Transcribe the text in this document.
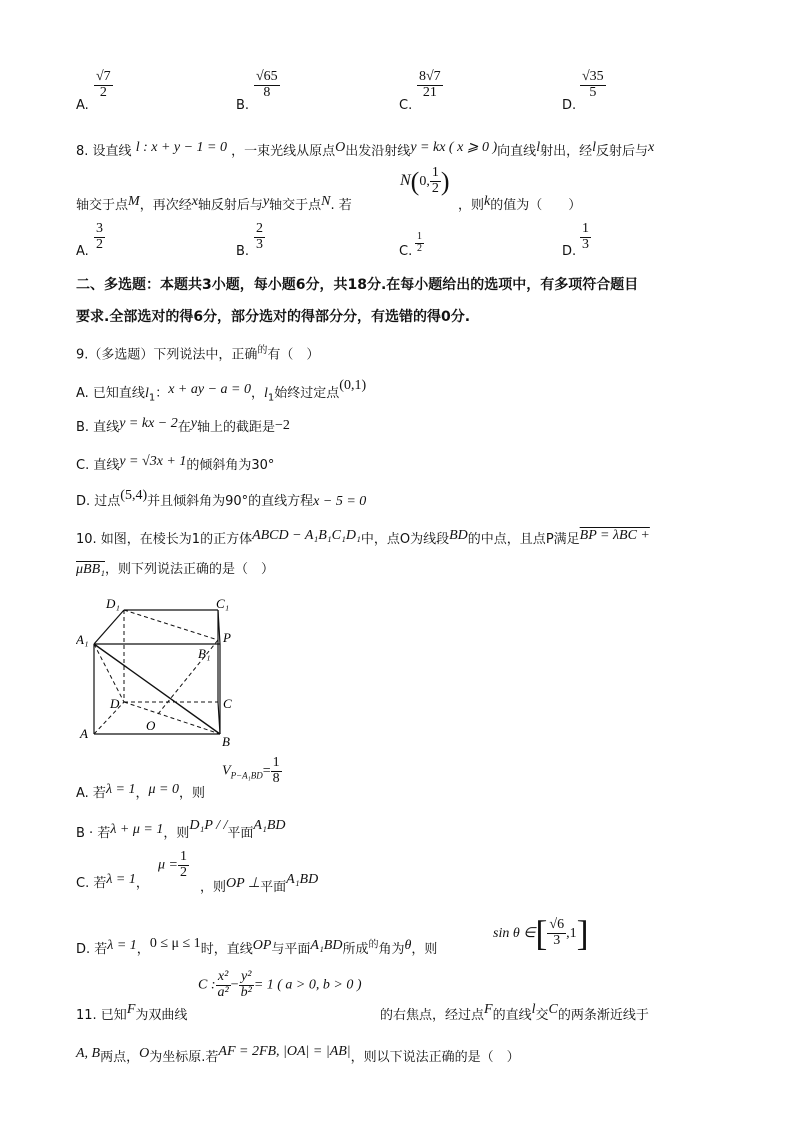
A.
$\frac{√7}{2}$
B.
$\frac{√65}{8}$
C.
$\frac{8√7}{21}$
D.
$\frac{√35}{5}$
8. 设直线 l : x + y − 1 = 0 ，一束光线从原点O出发沿射线y = kx ( x ⩾ 0 )向直线l射出，经l反射后与x
轴交于点M，再次经x轴反射后与y轴交于点N. 若
N(0, $\frac{1}{2}$ )
，则k的值为（　　）
A. $\frac{3}{2}$	B. $\frac{2}{3}$	C. $\frac{1}{2}$	D. $\frac{1}{3}$
二、多选题：本题共3小题，每小题6分，共18分.在每小题给出的选项中，有多项符合题目
要求.全部选对的得6分，部分选对的得部分分，有选错的得0分.
9.（多选题）下列说法中，正确$^的$有（　）
A. 已知直线$l_1$：x + ay − a = 0，$l_1$始终过定点(0,1)
B. 直线y = kx − 2在y轴上的截距是−2
C. 直线y = √3x + 1的倾斜角为30°
D. 过点(5,4)并且倾斜角为90°的直线方程x − 5 = 0
10. 如图，在棱长为1的正方体ABCD − A₁B₁C₁D₁中，点O为线段BD的中点，且点P满足BP = λBC +
μBB₁，则下列说法正确的是（　）
D₁	C₁
A₁
B₁
P
D	C
A
O
B
A. 若λ = 1，μ = 0，则
$V_{P-A_1BD}= \frac{1}{8}$
B · 若λ + μ = 1，则D₁P / /平面A₁BD
C. 若λ = 1，
$\mu = \frac{1}{2}$
，则OP ⊥平面A₁BD
D. 若λ = 1，0 ≤ μ ≤ 1时，直线OP与平面A₁BD所成$^的$角为θ，则
sin θ ∈[ $\frac{√6}{3} ,1$]
11. 已知F为双曲线
C : $\frac{\text{x²}}{\text{a²}} - \frac{\text{y²}}{\text{b²}} = 1$ ( a > 0, b > 0 )
的右焦点，经过点F的直线l交C的两条渐近线于
A, B两点，O为坐标原.若AF = 2FB, |OA| = |AB|，则以下说法正确的是（　）
